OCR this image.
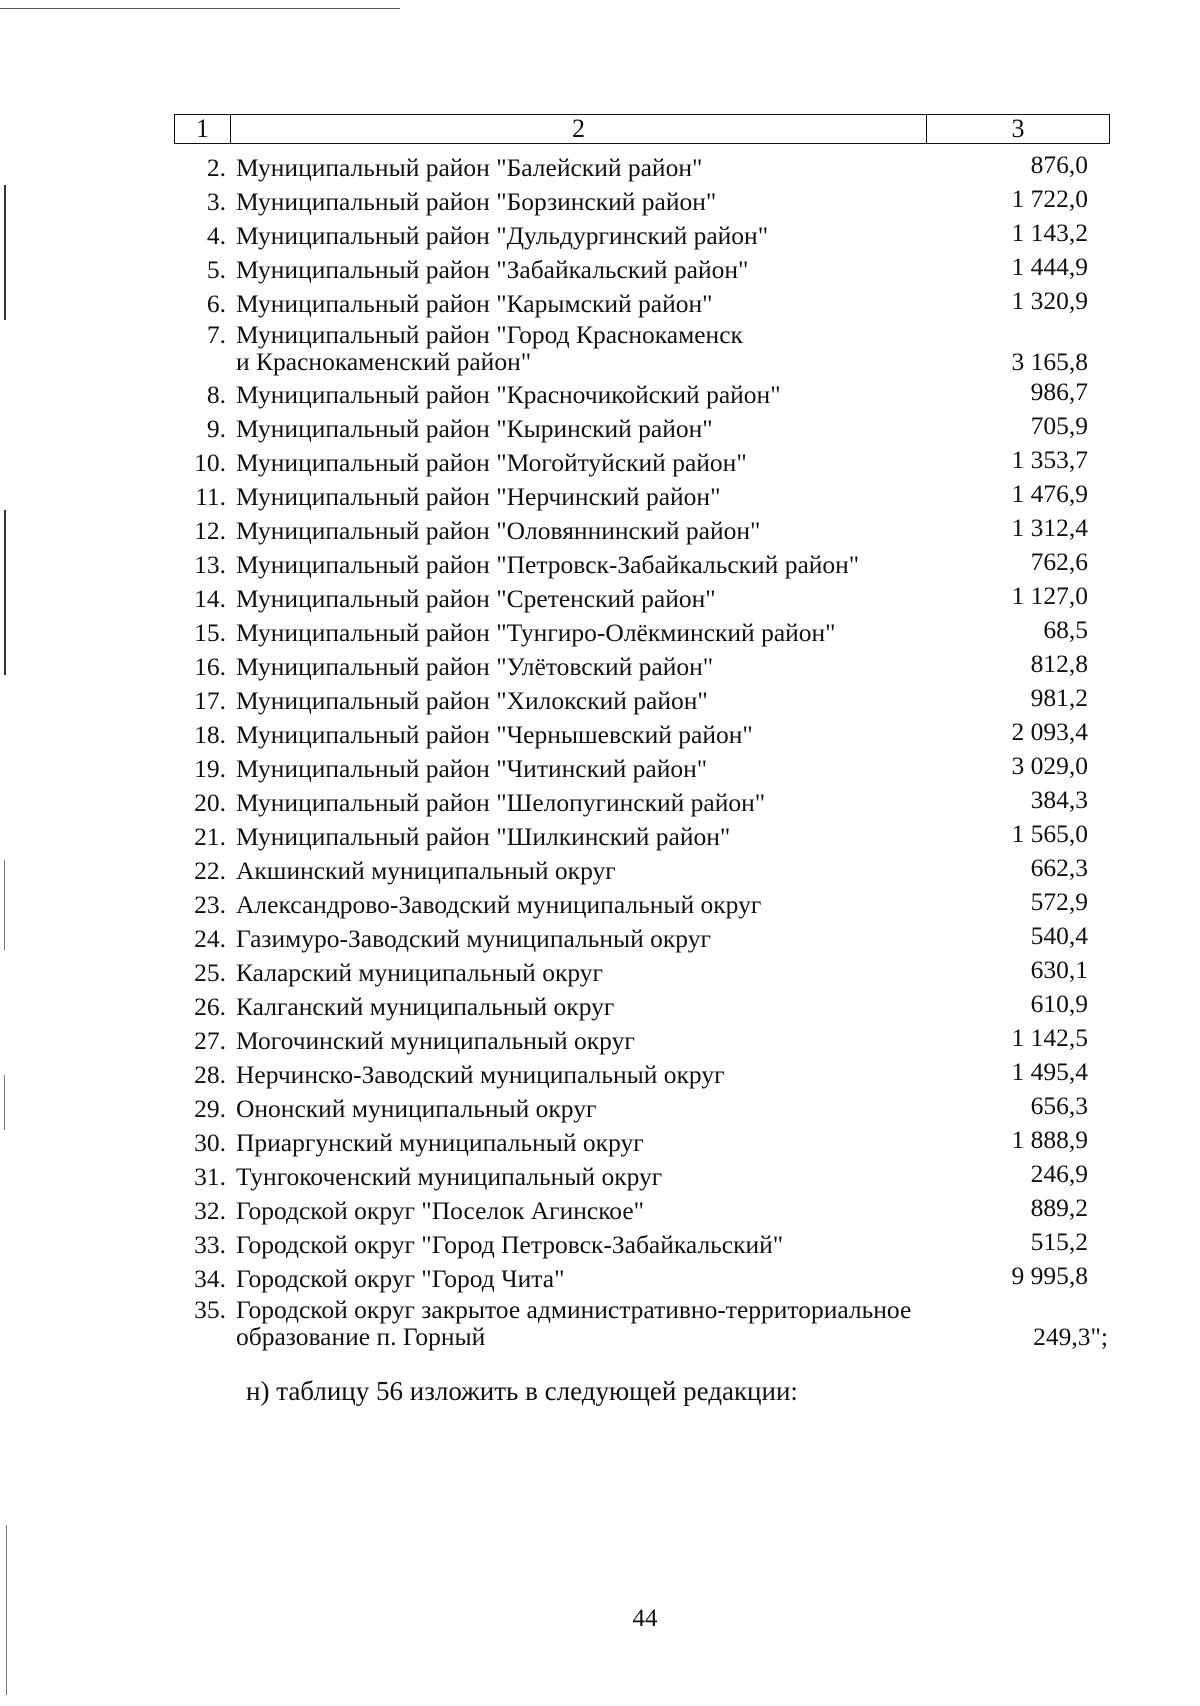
1	2	3
2. Муниципальный район "Балейский район"	876,0
3. Муниципальный район "Борзинский район"	1 722,0
4. Муниципальный район "Дульдургинский район"	1 143,2
5. Муниципальный район "Забайкальский район"	1 444,9
6. Муниципальный район "Карымский район"	1 320,9
7. Муниципальный район "Город Краснокаменск
и Краснокаменский район"	3 165,8
8. Муниципальный район "Красночикойский район"	986,7
9. Муниципальный район "Кыринский район"	705,9
10. Муниципальный район "Могойтуйский район"	1 353,7
11. Муниципальный район "Нерчинский район"	1 476,9
12. Муниципальный район "Оловяннинский район"	1 312,4
13. Муниципальный район "Петровск-Забайкальский район"	762,6
14. Муниципальный район "Сретенский район"	1 127,0
15. Муниципальный район "Тунгиро-Олёкминский район"	68,5
16. Муниципальный район "Улётовский район"	812,8
17. Муниципальный район "Хилокский район"	981,2
18. Муниципальный район "Чернышевский район"	2 093,4
19. Муниципальный район "Читинский район"	3 029,0
20. Муниципальный район "Шелопугинский район"	384,3
21. Муниципальный район "Шилкинский район"	1 565,0
22. Акшинский муниципальный округ	662,3
23. Александрово-Заводский муниципальный округ	572,9
24. Газимуро-Заводский муниципальный округ	540,4
25. Каларский муниципальный округ	630,1
26. Калганский муниципальный округ	610,9
27. Могочинский муниципальный округ	1 142,5
28. Нерчинско-Заводский муниципальный округ	1 495,4
29. Ононский муниципальный округ	656,3
30. Приаргунский муниципальный округ	1 888,9
31. Тунгокоченский муниципальный округ	246,9
32. Городской округ "Поселок Агинское"	889,2
33. Городской округ "Город Петровск-Забайкальский"	515,2
34. Городской округ "Город Чита"	9 995,8
35. Городской округ закрытое административно-территориальное
образование п. Горный	249,3";
н) таблицу 56 изложить в следующей редакции:
44
